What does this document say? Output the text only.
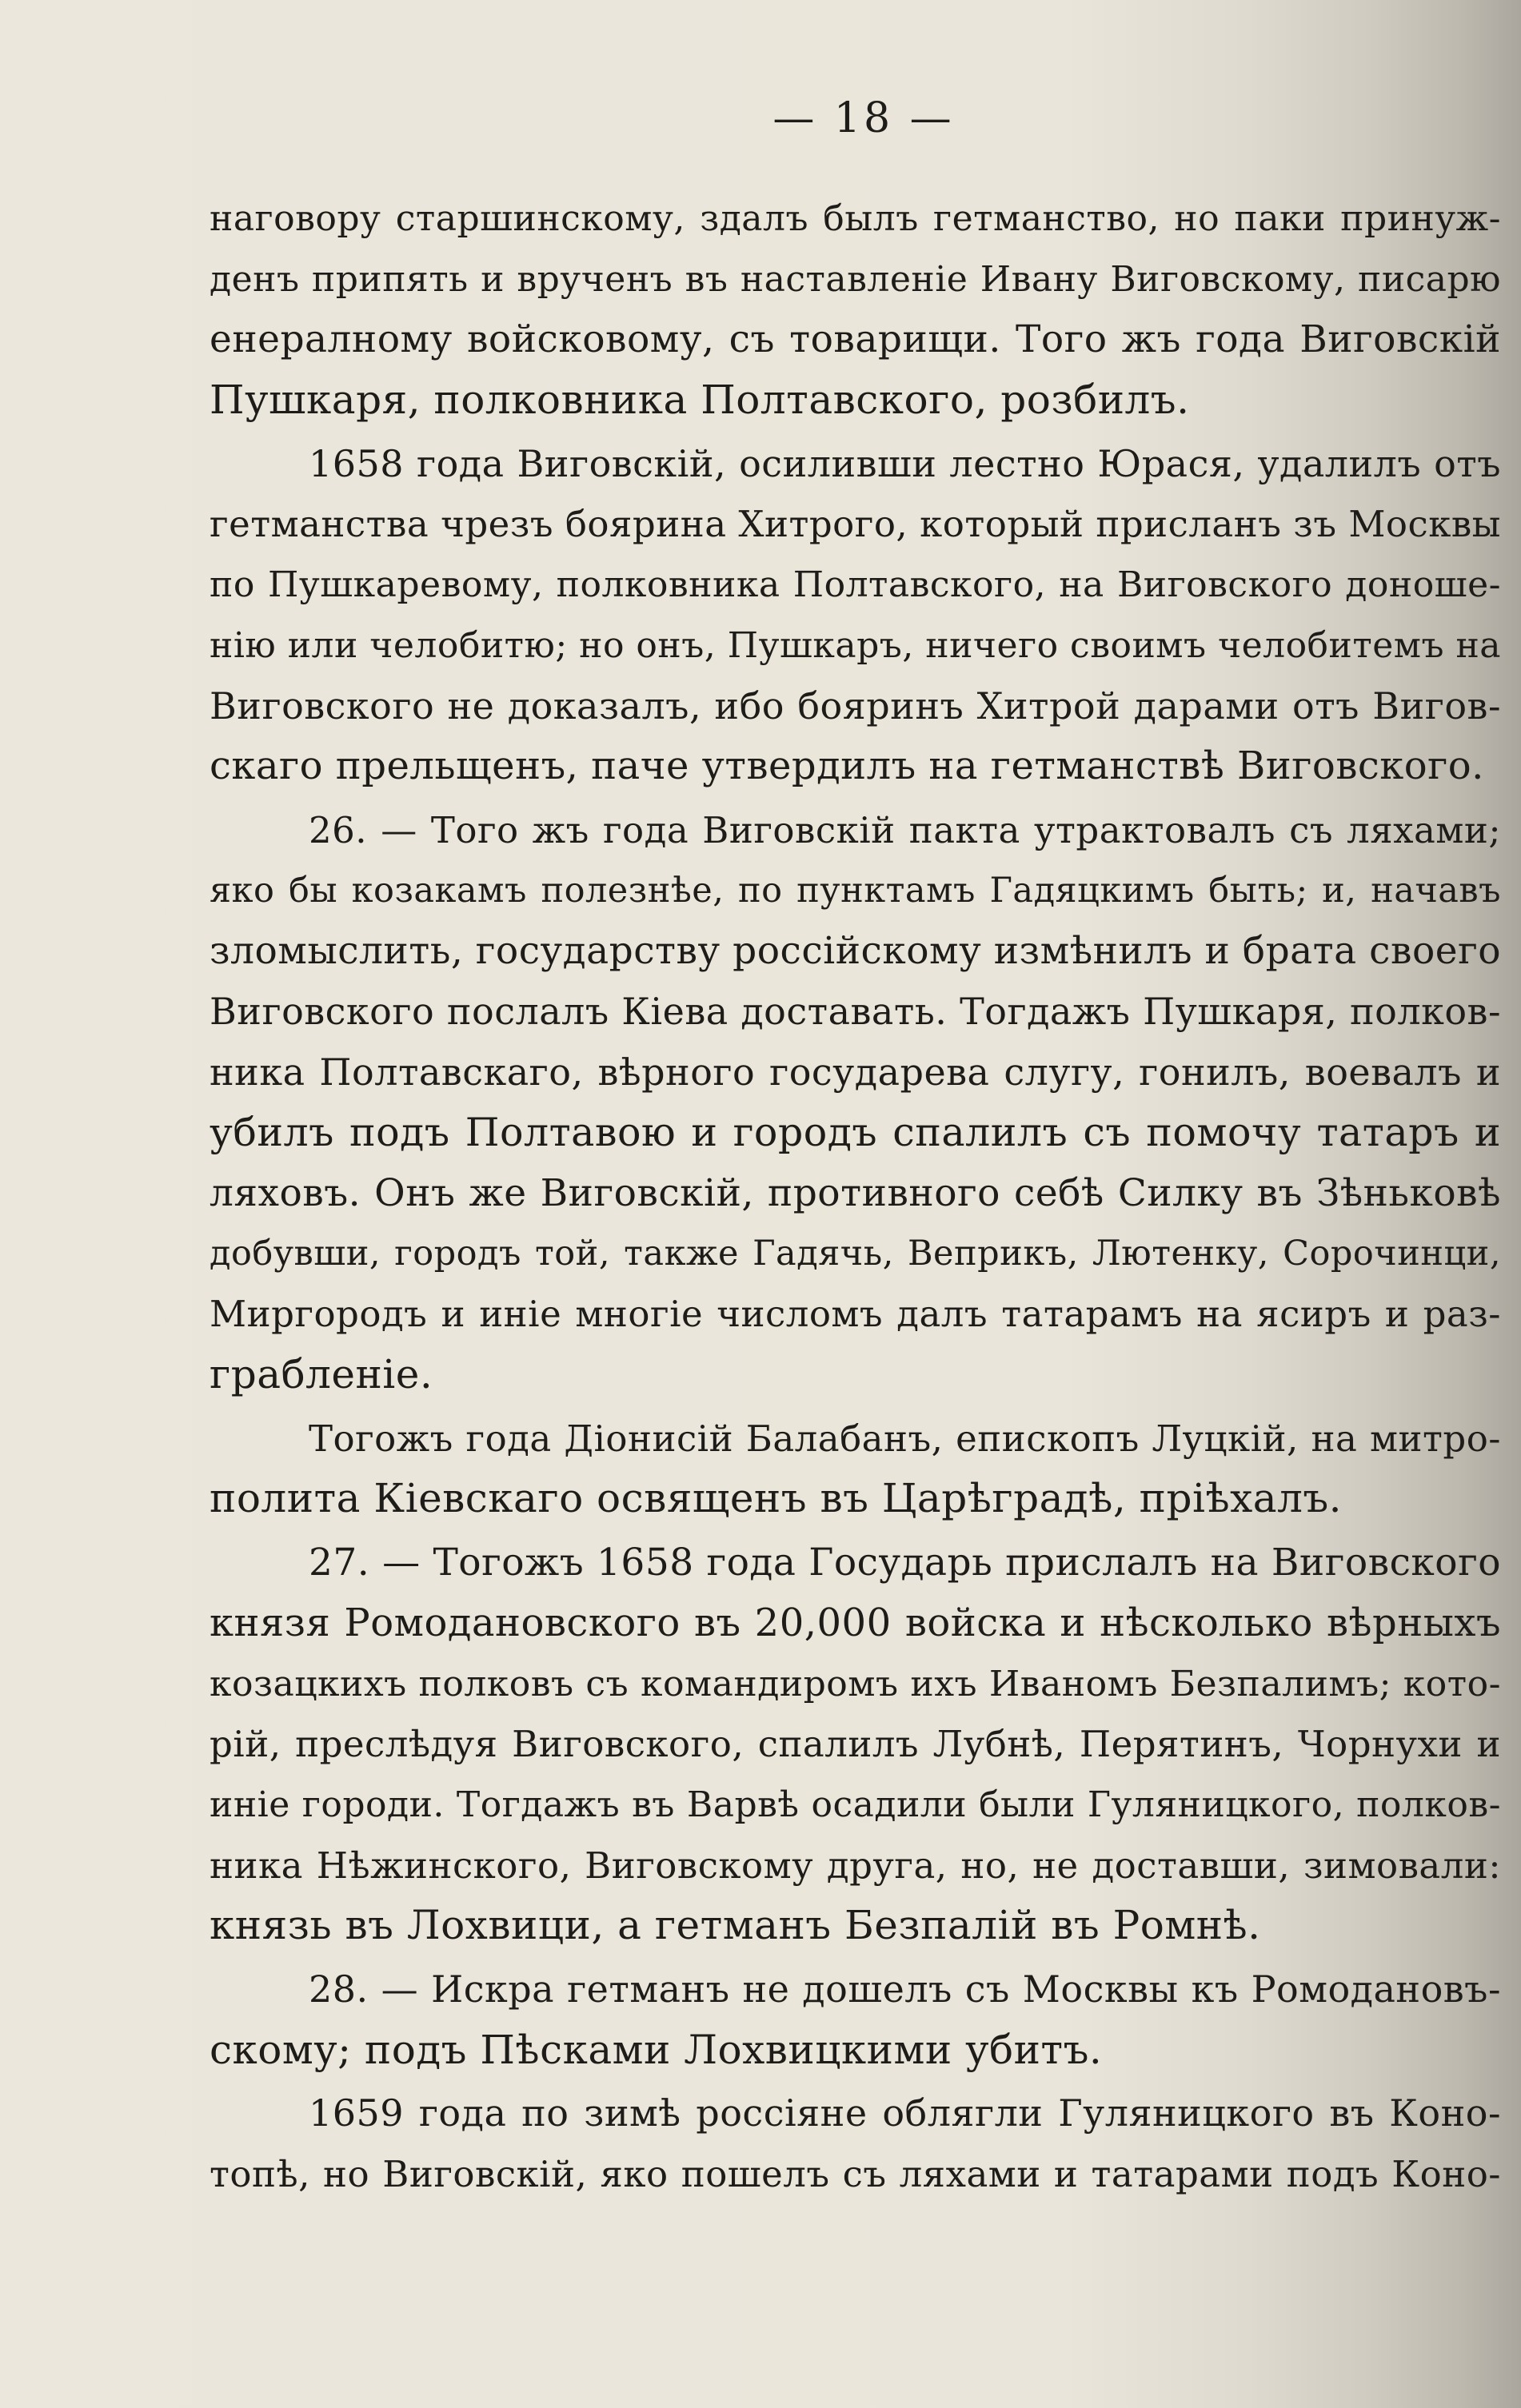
— 18 —
наговору старшинскому, здалъ былъ гетманство, но паки принуж-
денъ припять и врученъ въ наставленіе Ивану Виговскому, писарю
енералному войсковому, съ товарищи. Того жъ года Виговскій
Пушкаря, полковника Полтавского, розбилъ.
1658 года Виговскій, осиливши лестно Юрася, удалилъ отъ
гетманства чрезъ боярина Хитрого, который присланъ зъ Москвы
по Пушкаревому, полковника Полтавского, на Виговского доноше-
нію или челобитю; но онъ, Пушкаръ, ничего своимъ челобитемъ на
Виговского не доказалъ, ибо бояринъ Хитрой дарами отъ Вигов-
скаго прельщенъ, паче утвердилъ на гетманствѣ Виговского.
26. — Того жъ года Виговскій пакта утрактовалъ съ ляхами;
яко бы козакамъ полезнѣе, по пунктамъ Гадяцкимъ быть; и, начавъ
зломыслить, государству россійскому измѣнилъ и брата своего
Виговского послалъ Кіева доставать. Тогдажъ Пушкаря, полков-
ника Полтавскаго, вѣрного государева слугу, гонилъ, воевалъ и
убилъ подъ Полтавою и городъ спалилъ съ помочу татаръ и
ляховъ. Онъ же Виговскій, противного себѣ Силку въ Зѣньковѣ
добувши, городъ той, также Гадячь, Веприкъ, Лютенку, Сорочинци,
Миргородъ и иніе многіе числомъ далъ татарамъ на ясиръ и раз-
грабленіе.
Тогожъ года Діонисій Балабанъ, епископъ Луцкій, на митро-
полита Кіевскаго освященъ въ Царѣградѣ, пріѣхалъ.
27. — Тогожъ 1658 года Государь прислалъ на Виговского
князя Ромодановского въ 20,000 войска и нѣсколько вѣрныхъ
козацкихъ полковъ съ командиромъ ихъ Иваномъ Безпалимъ; кото-
рій, преслѣдуя Виговского, спалилъ Лубнѣ, Перятинъ, Чорнухи и
иніе городи. Тогдажъ въ Варвѣ осадили были Гуляницкого, полков-
ника Нѣжинского, Виговскому друга, но, не доставши, зимовали:
князь въ Лохвици, а гетманъ Безпалій въ Ромнѣ.
28. — Искра гетманъ не дошелъ съ Москвы къ Ромодановъ-
скому; подъ Пѣсками Лохвицкими убитъ.
1659 года по зимѣ россіяне облягли Гуляницкого въ Коно-
топѣ, но Виговскій, яко пошелъ съ ляхами и татарами подъ Коно-
